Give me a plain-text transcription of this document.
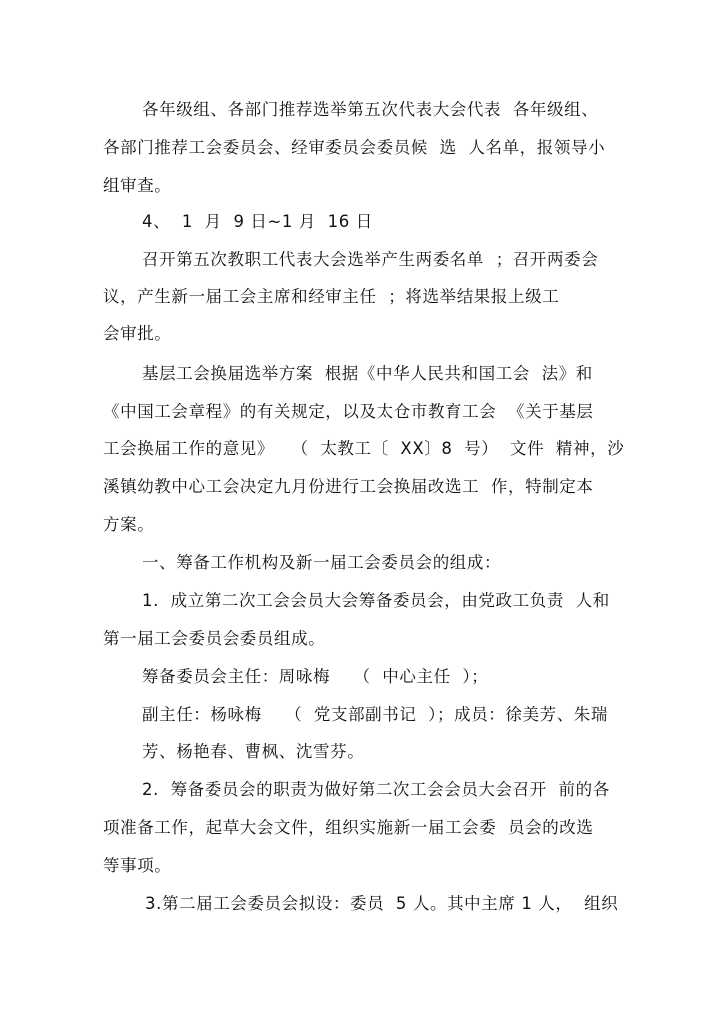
各年级组、各部门推荐选举第五次代表大会代表  各年级组、
各部门推荐工会委员会、经审委员会委员候  选  人名单，报领导小
组审查。
4、  1  月  9 日~1 月  16 日
召开第五次教职工代表大会选举产生两委名单  ；召开两委会
议，产生新一届工会主席和经审主任  ；将选举结果报上级工
会审批。
基层工会换届选举方案  根据《中华人民共和国工会  法》和
《中国工会章程》的有关规定，以及太仓市教育工会  《关于基层
工会换届工作的意见》   （  太教工〔  XX〕8  号）  文件  精神，沙
溪镇幼教中心工会决定九月份进行工会换届改选工  作，特制定本
方案。
一、筹备工作机构及新一届工会委员会的组成：
1.  成立第二次工会会员大会筹备委员会，由党政工负责  人和
第一届工会委员会委员组成。
筹备委员会主任：周咏梅    （  中心主任  ）；
副主任：杨咏梅    （  党支部副书记  ）；成员：徐美芳、朱瑞
芳、杨艳春、曹枫、沈雪芬。
2.  筹备委员会的职责为做好第二次工会会员大会召开  前的各
项准备工作，起草大会文件，组织实施新一届工会委  员会的改选
等事项。
3.第二届工会委员会拟设：委员  5 人。其中主席 1 人，  组织
